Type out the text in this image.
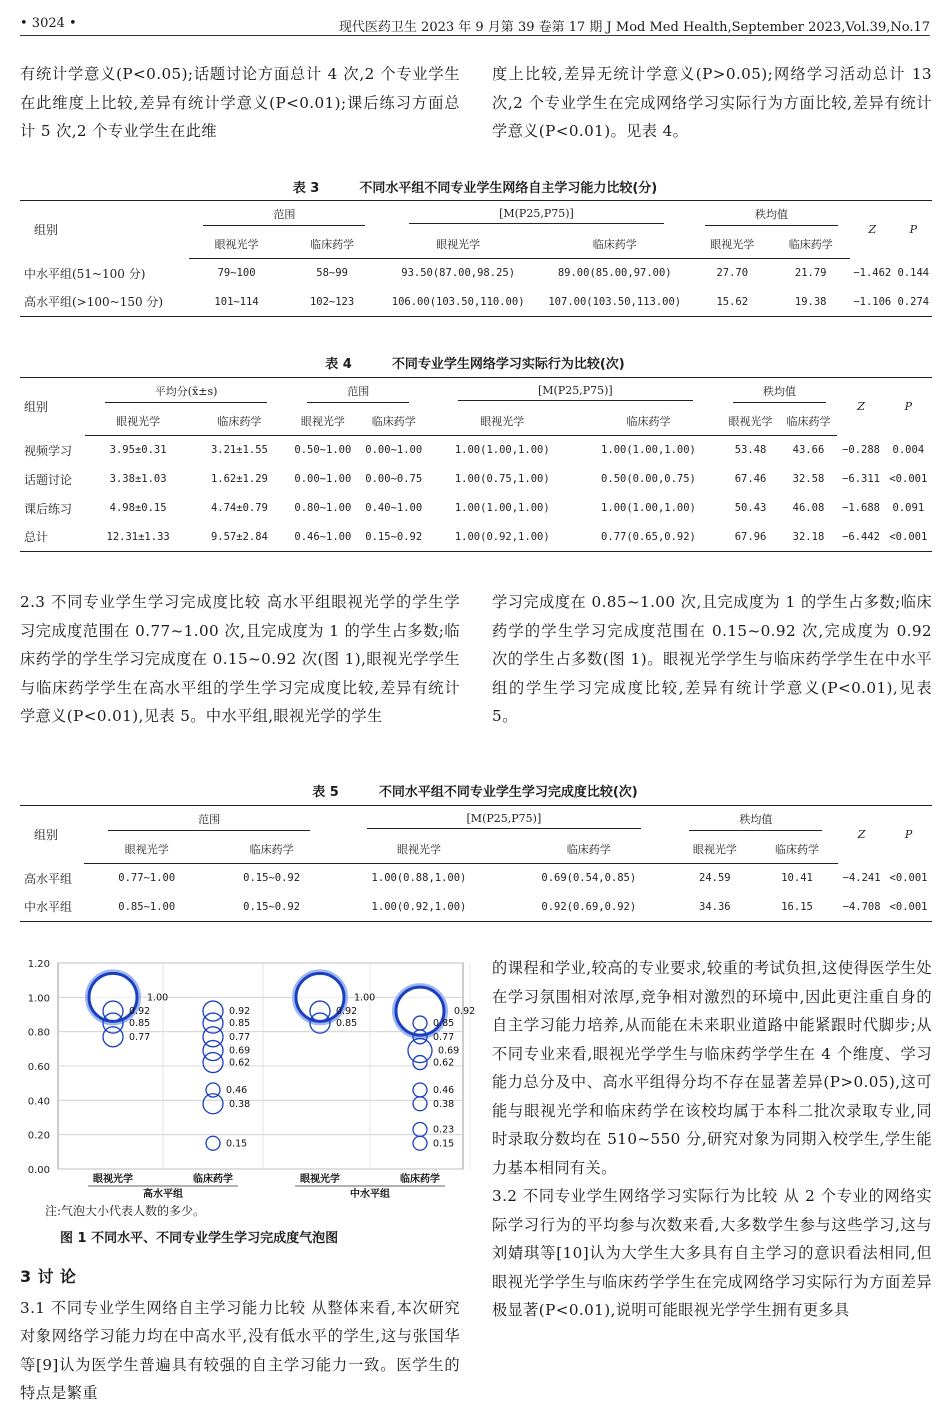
• 3024 •	现代医药卫生 2023 年 9 月第 39 卷第 17 期 J Mod Med Health,September 2023,Vol.39,No.17

有统计学意义(P<0.05);话题讨论方面总计 4 次,2 个专业学生在此维度上比较,差异有统计学意义(P<0.01);课后练习方面总计 5 次,2 个专业学生在此维

度上比较,差异无统计学意义(P>0.05);网络学习活动总计 13 次,2 个专业学生在完成网络学习实际行为方面比较,差异有统计学意义(P<0.01)。见表 4。

表 3	不同水平组不同专业学生网络自主学习能力比较(分)
组别	范围		[M(P25,P75)]		秩均值		Z	P
	眼视光学	临床药学	眼视光学	临床药学	眼视光学	临床药学		
中水平组(51~100 分)	79~100	58~99	93.50(87.00,98.25)	89.00(85.00,97.00)	27.70	21.79	−1.462	0.144
高水平组(>100~150 分)	101~114	102~123	106.00(103.50,110.00)	107.00(103.50,113.00)	15.62	19.38	−1.106	0.274
表 4	不同专业学生网络学习实际行为比较(次)
组别	平均分(x̄±s)		范围		[M(P25,P75)]		秩均值		Z	P
	眼视光学	临床药学	眼视光学	临床药学	眼视光学	临床药学	眼视光学	临床药学		
视频学习	3.95±0.31	3.21±1.55	0.50~1.00	0.00~1.00	1.00(1.00,1.00)	1.00(1.00,1.00)	53.48	43.66	−0.288	0.004
话题讨论	3.38±1.03	1.62±1.29	0.00~1.00	0.00~0.75	1.00(0.75,1.00)	0.50(0.00,0.75)	67.46	32.58	−6.311	<0.001
课后练习	4.98±0.15	4.74±0.79	0.80~1.00	0.40~1.00	1.00(1.00,1.00)	1.00(1.00,1.00)	50.43	46.08	−1.688	0.091
总计	12.31±1.33	9.57±2.84	0.46~1.00	0.15~0.92	1.00(0.92,1.00)	0.77(0.65,0.92)	67.96	32.18	−6.442	<0.001

2.3 不同专业学生学习完成度比较 高水平组眼视光学的学生学习完成度范围在 0.77~1.00 次,且完成度为 1 的学生占多数;临床药学的学生学习完成度在 0.15~0.92 次(图 1),眼视光学学生与临床药学学生在高水平组的学生学习完成度比较,差异有统计学意义(P<0.01),见表 5。中水平组,眼视光学的学生

学习完成度在 0.85~1.00 次,且完成度为 1 的学生占多数;临床药学的学生学习完成度范围在 0.15~0.92 次,完成度为 0.92 次的学生占多数(图 1)。眼视光学学生与临床药学学生在中水平组的学生学习完成度比较,差异有统计学意义(P<0.01),见表 5。

表 5	不同水平组不同专业学生学习完成度比较(次)
组别	范围		[M(P25,P75)]		秩均值		Z	P
	眼视光学	临床药学	眼视光学	临床药学	眼视光学	临床药学		
高水平组	0.77~1.00	0.15~0.92	1.00(0.88,1.00)	0.69(0.54,0.85)	24.59	10.41	−4.241	<0.001
中水平组	0.85~1.00	0.15~0.92	1.00(0.92,1.00)	0.92(0.69,0.92)	34.36	16.15	−4.708	<0.001
0.00
0.20
0.40
0.60
0.80
1.00
1.20
1.00
0.92
0.85
0.77
0.92
0.85
0.77
0.69
0.62
0.46
0.38
0.15
1.00
0.92
0.85
0.92
0.85
0.77
0.69
0.62
0.46
0.38
0.23
0.15
眼视光学	临床药学	眼视光学	临床药学
高水平组	中水平组
注:气泡大小代表人数的多少。
图 1 不同水平、不同专业学生学习完成度气泡图

3 讨 论

3.1 不同专业学生网络自主学习能力比较 从整体来看,本次研究对象网络学习能力均在中高水平,没有低水平的学生,这与张国华等[9]认为医学生普遍具有较强的自主学习能力一致。医学生的特点是繁重

的课程和学业,较高的专业要求,较重的考试负担,这使得医学生处在学习氛围相对浓厚,竞争相对激烈的环境中,因此更注重自身的自主学习能力培养,从而能在未来职业道路中能紧跟时代脚步;从不同专业来看,眼视光学学生与临床药学学生在 4 个维度、学习能力总分及中、高水平组得分均不存在显著差异(P>0.05),这可能与眼视光学和临床药学在该校均属于本科二批次录取专业,同时录取分数均在 510~550 分,研究对象为同期入校学生,学生能力基本相同有关。

3.2 不同专业学生网络学习实际行为比较 从 2 个专业的网络实际学习行为的平均参与次数来看,大多数学生参与这些学习,这与刘婧琪等[10]认为大学生大多具有自主学习的意识看法相同,但眼视光学学生与临床药学学生在完成网络学习实际行为方面差异极显著(P<0.01),说明可能眼视光学学生拥有更多具
